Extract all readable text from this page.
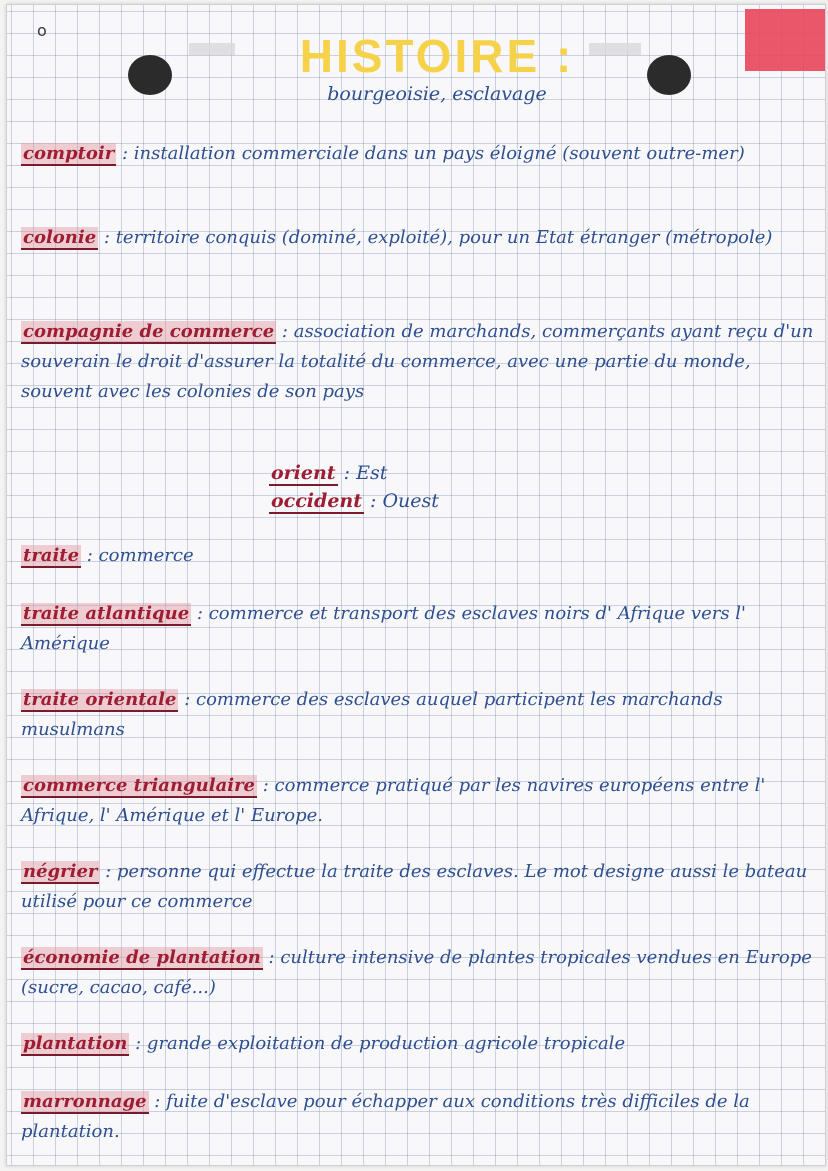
o	HISTOIRE :
bourgeoisie, esclavage
comptoir : installation commerciale dans un pays éloigné (souvent outre-mer)
colonie : territoire conquis (dominé, exploité), pour un Etat étranger (métropole)
compagnie de commerce : association de marchands, commerçants ayant reçu d'un souverain le droit d'assurer la totalité du commerce, avec une partie du monde, souvent avec les colonies de son pays
orient : Est
occident : Ouest
traite : commerce
traite atlantique : commerce et transport des esclaves noirs d' Afrique vers l' Amérique
traite orientale : commerce des esclaves auquel participent les marchands musulmans
commerce triangulaire : commerce pratiqué par les navires européens entre l' Afrique, l' Amérique et l' Europe.
négrier : personne qui effectue la traite des esclaves. Le mot designe aussi le bateau utilisé pour ce commerce
économie de plantation : culture intensive de plantes tropicales vendues en Europe (sucre, cacao, café...)
plantation : grande exploitation de production agricole tropicale
marronnage : fuite d'esclave pour échapper aux conditions très difficiles de la plantation.
